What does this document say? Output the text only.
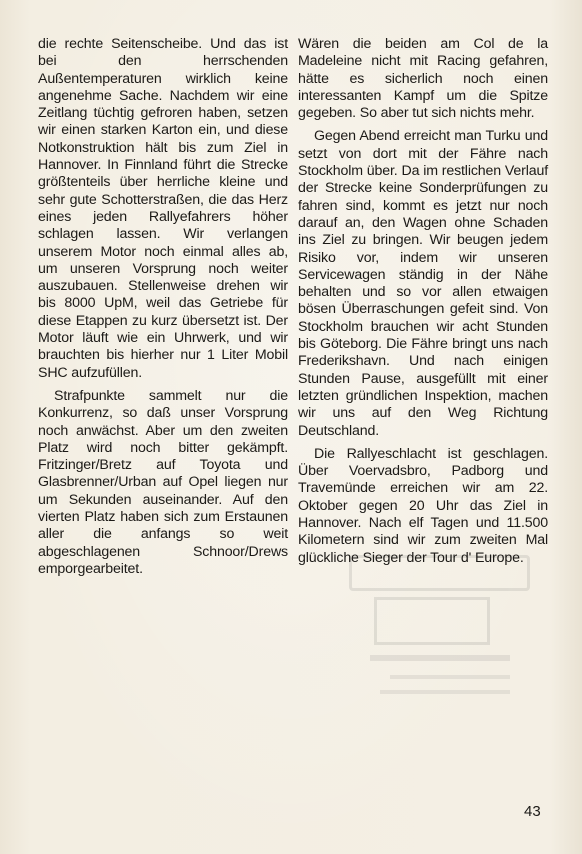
die rechte Seitenscheibe. Und das ist bei den herrschenden Außentemperaturen wirklich keine angenehme Sache. Nachdem wir eine Zeitlang tüchtig gefroren haben, setzen wir einen starken Karton ein, und diese Notkonstruktion hält bis zum Ziel in Hannover. In Finnland führt die Strecke größtenteils über herrliche kleine und sehr gute Schotterstraßen, die das Herz eines jeden Rallyefahrers höher schlagen lassen. Wir verlangen unserem Motor noch einmal alles ab, um unseren Vorsprung noch weiter auszubauen. Stellenweise drehen wir bis 8000 UpM, weil das Getriebe für diese Etappen zu kurz übersetzt ist. Der Motor läuft wie ein Uhrwerk, und wir brauchten bis hierher nur 1 Liter Mobil SHC aufzufüllen.

Strafpunkte sammelt nur die Konkurrenz, so daß unser Vorsprung noch anwächst. Aber um den zweiten Platz wird noch bitter gekämpft. Fritzinger/Bretz auf Toyota und Glasbrenner/Urban auf Opel liegen nur um Sekunden auseinander. Auf den vierten Platz haben sich zum Erstaunen aller die anfangs so weit abgeschlagenen Schnoor/Drews emporgearbeitet.

Wären die beiden am Col de la Madeleine nicht mit Racing gefahren, hätte es sicherlich noch einen interessanten Kampf um die Spitze gegeben. So aber tut sich nichts mehr.

Gegen Abend erreicht man Turku und setzt von dort mit der Fähre nach Stockholm über. Da im restlichen Verlauf der Strecke keine Sonderprüfungen zu fahren sind, kommt es jetzt nur noch darauf an, den Wagen ohne Schaden ins Ziel zu bringen. Wir beugen jedem Risiko vor, indem wir unseren Servicewagen ständig in der Nähe behalten und so vor allen etwaigen bösen Überraschungen gefeit sind. Von Stockholm brauchen wir acht Stunden bis Göteborg. Die Fähre bringt uns nach Frederikshavn. Und nach einigen Stunden Pause, ausgefüllt mit einer letzten gründlichen Inspektion, machen wir uns auf den Weg Richtung Deutschland.

Die Rallyeschlacht ist geschlagen. Über Voervadsbro, Padborg und Travemünde erreichen wir am 22. Oktober gegen 20 Uhr das Ziel in Hannover. Nach elf Tagen und 11.500 Kilometern sind wir zum zweiten Mal glückliche Sieger der Tour d' Europe.

43
